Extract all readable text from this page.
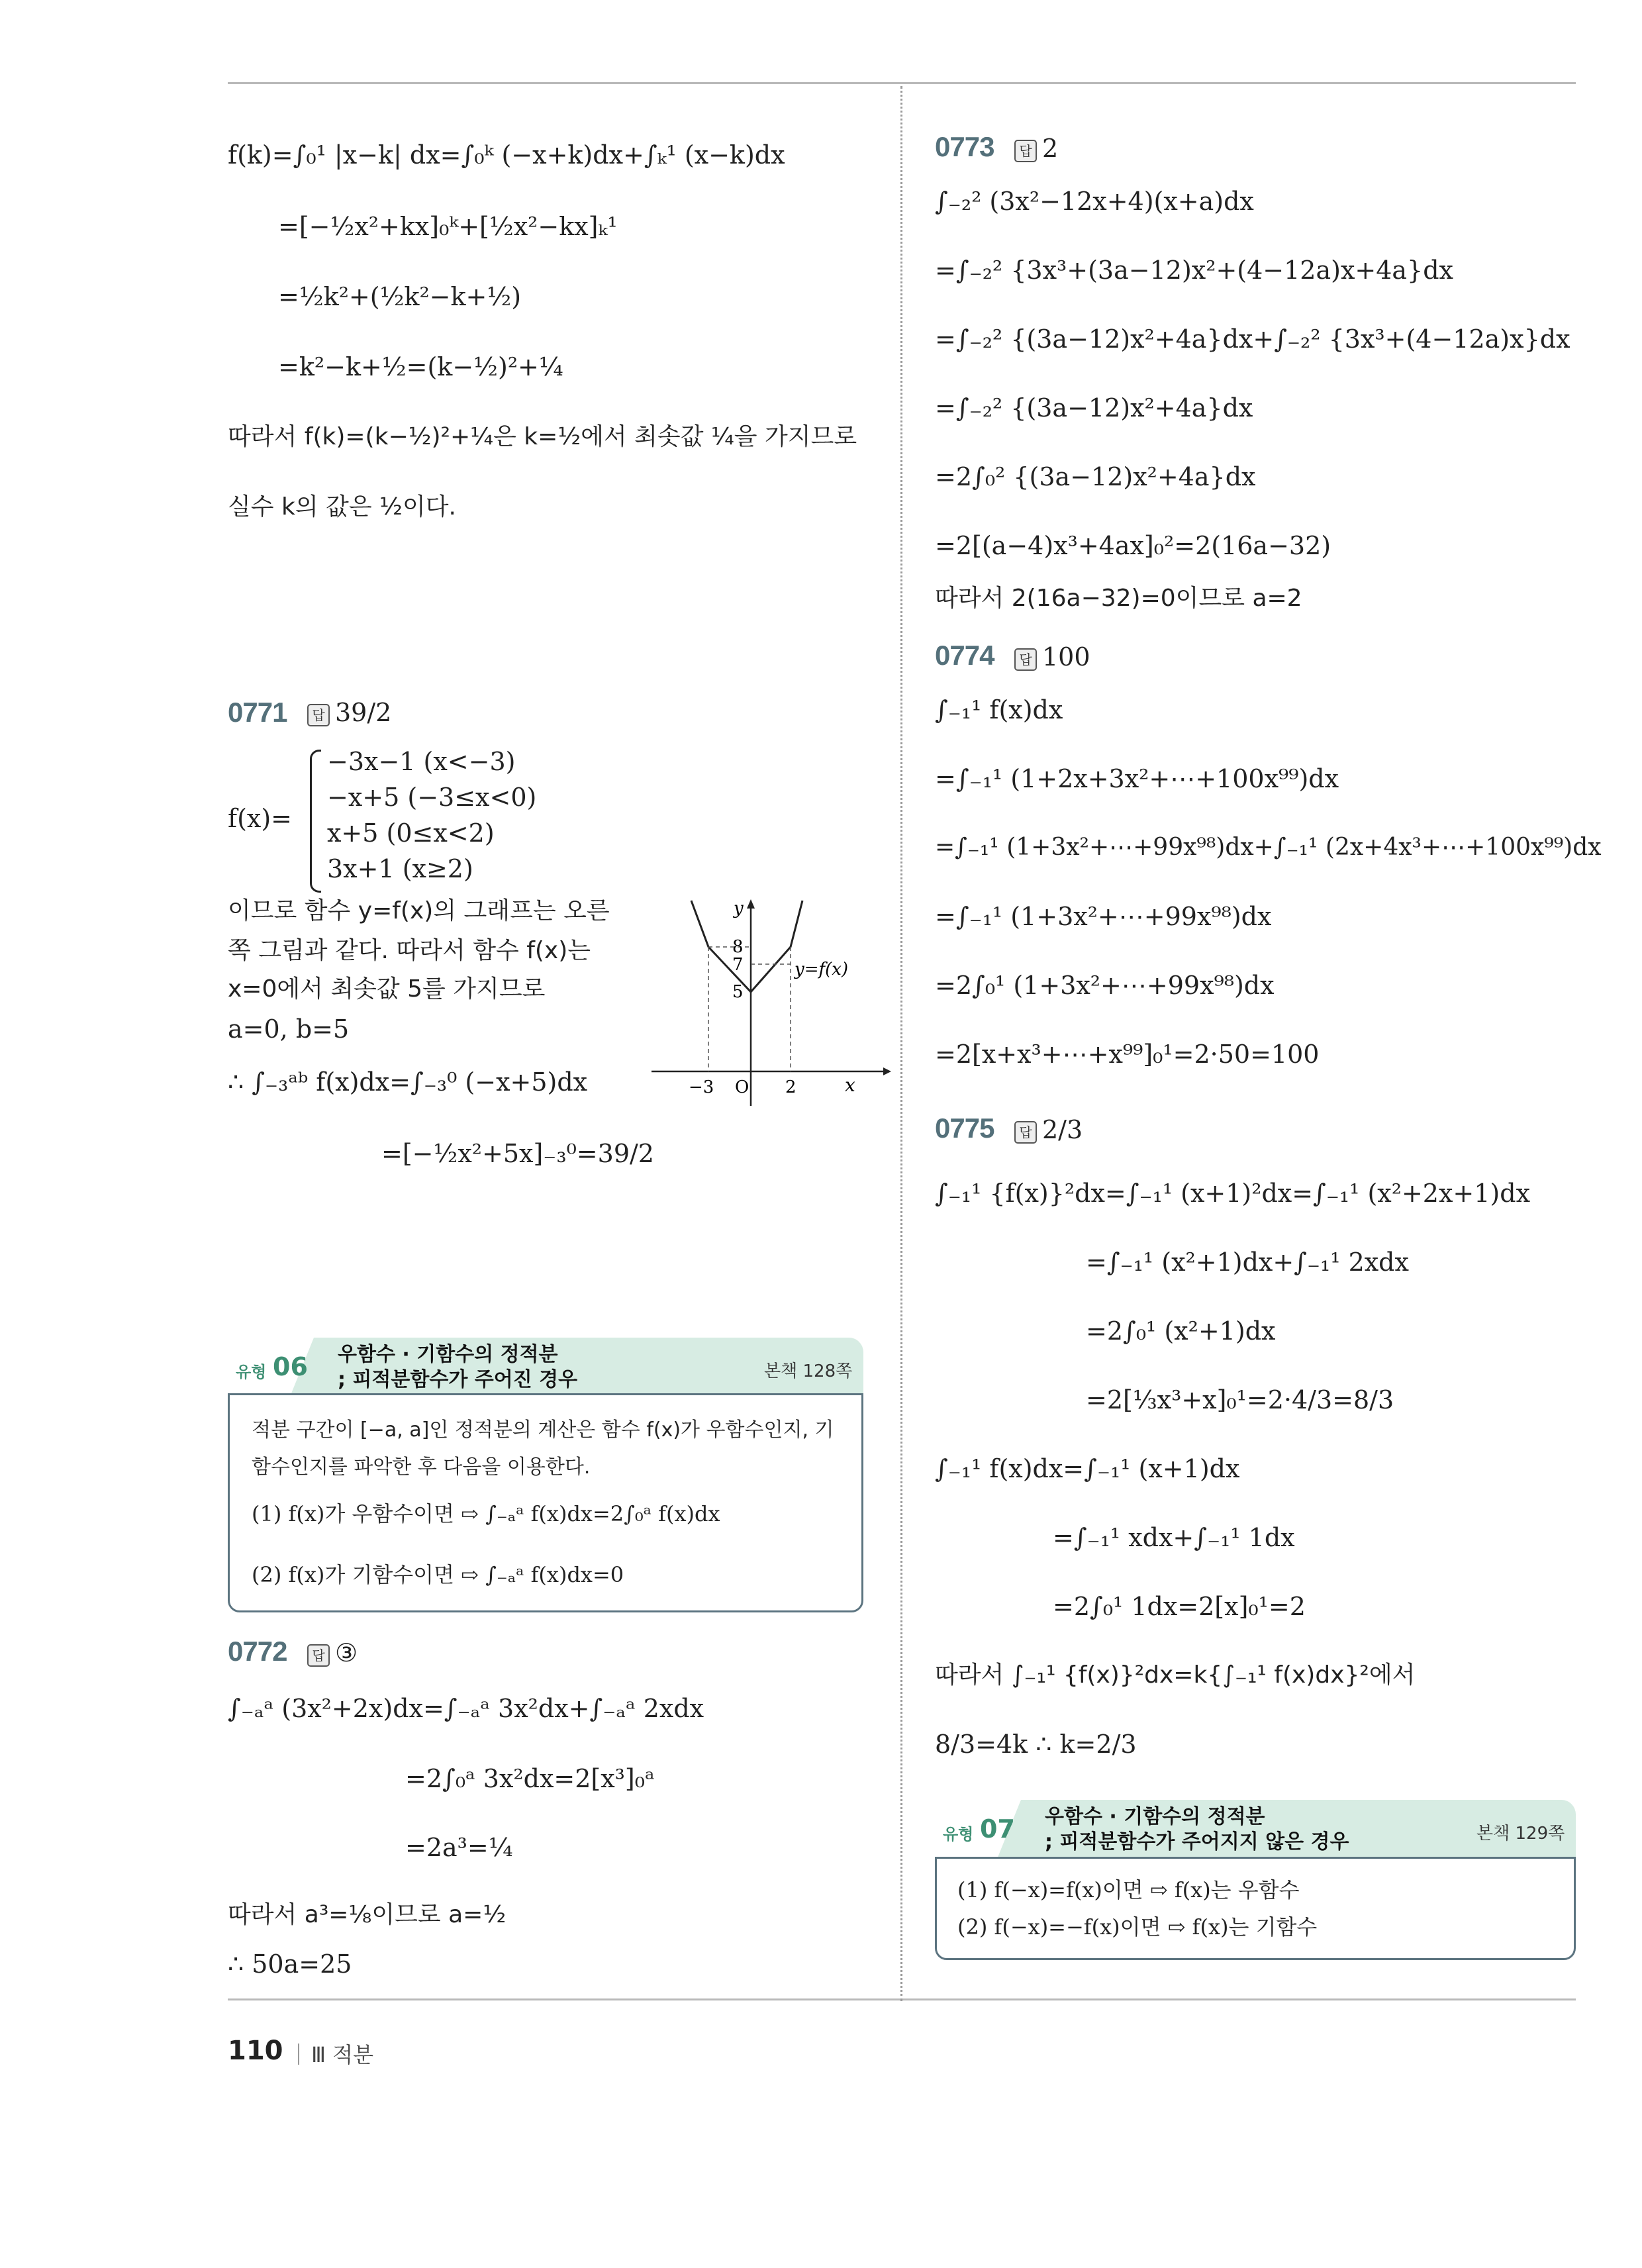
f(k)=∫₀¹ |x−k| dx=∫₀ᵏ (−x+k)dx+∫ₖ¹ (x−k)dx
=[−½x²+kx]₀ᵏ+[½x²−kx]ₖ¹
=½k²+(½k²−k+½)
=k²−k+½=(k−½)²+¼
따라서 f(k)=(k−½)²+¼은 k=½에서 최솟값 ¼을 가지므로
실수 k의 값은 ½이다.
0771	답 39/2
f(x)=
−3x−1 (x<−3)
−x+5 (−3≤x<0)
x+5 (0≤x<2)
3x+1 (x≥2)
이므로 함수 y=f(x)의 그래프는 오른
쪽 그림과 같다. 따라서 함수 f(x)는
x=0에서 최솟값 5를 가지므로
a=0, b=5
∴ ∫₋₃ᵃᵇ f(x)dx=∫₋₃⁰ (−x+5)dx
=[−½x²+5x]₋₃⁰=39/2
y
x
O
−3	2
8
7
5
y=f(x)
유형 06 우함수 · 기함수의 정적분
; 피적분함수가 주어진 경우	본책 128쪽
적분 구간이 [−a, a]인 정적분의 계산은 함수 f(x)가 우함수인지, 기
함수인지를 파악한 후 다음을 이용한다.
(1) f(x)가 우함수이면 ⇨ ∫₋ₐᵃ f(x)dx=2∫₀ᵃ f(x)dx
(2) f(x)가 기함수이면 ⇨ ∫₋ₐᵃ f(x)dx=0
0772	답 ③
∫₋ₐᵃ (3x²+2x)dx=∫₋ₐᵃ 3x²dx+∫₋ₐᵃ 2xdx
=2∫₀ᵃ 3x²dx=2[x³]₀ᵃ
=2a³=¼
따라서 a³=⅛이므로 a=½
∴ 50a=25
0773	답 2
∫₋₂² (3x²−12x+4)(x+a)dx
=∫₋₂² {3x³+(3a−12)x²+(4−12a)x+4a}dx
=∫₋₂² {(3a−12)x²+4a}dx+∫₋₂² {3x³+(4−12a)x}dx
=∫₋₂² {(3a−12)x²+4a}dx
=2∫₀² {(3a−12)x²+4a}dx
=2[(a−4)x³+4ax]₀²=2(16a−32)
따라서 2(16a−32)=0이므로 a=2
0774	답 100
∫₋₁¹ f(x)dx
=∫₋₁¹ (1+2x+3x²+⋯+100x⁹⁹)dx
=∫₋₁¹ (1+3x²+⋯+99x⁹⁸)dx+∫₋₁¹ (2x+4x³+⋯+100x⁹⁹)dx
=∫₋₁¹ (1+3x²+⋯+99x⁹⁸)dx
=2∫₀¹ (1+3x²+⋯+99x⁹⁸)dx
=2[x+x³+⋯+x⁹⁹]₀¹=2·50=100
0775	답 2/3
∫₋₁¹ {f(x)}²dx=∫₋₁¹ (x+1)²dx=∫₋₁¹ (x²+2x+1)dx
=∫₋₁¹ (x²+1)dx+∫₋₁¹ 2xdx
=2∫₀¹ (x²+1)dx
=2[⅓x³+x]₀¹=2·4/3=8/3
∫₋₁¹ f(x)dx=∫₋₁¹ (x+1)dx
=∫₋₁¹ xdx+∫₋₁¹ 1dx
=2∫₀¹ 1dx=2[x]₀¹=2
따라서 ∫₋₁¹ {f(x)}²dx=k{∫₋₁¹ f(x)dx}²에서
8/3=4k ∴ k=2/3
유형 07 우함수 · 기함수의 정적분
; 피적분함수가 주어지지 않은 경우	본책 129쪽
(1) f(−x)=f(x)이면 ⇨ f(x)는 우함수
(2) f(−x)=−f(x)이면 ⇨ f(x)는 기함수
110	Ⅲ 적분
